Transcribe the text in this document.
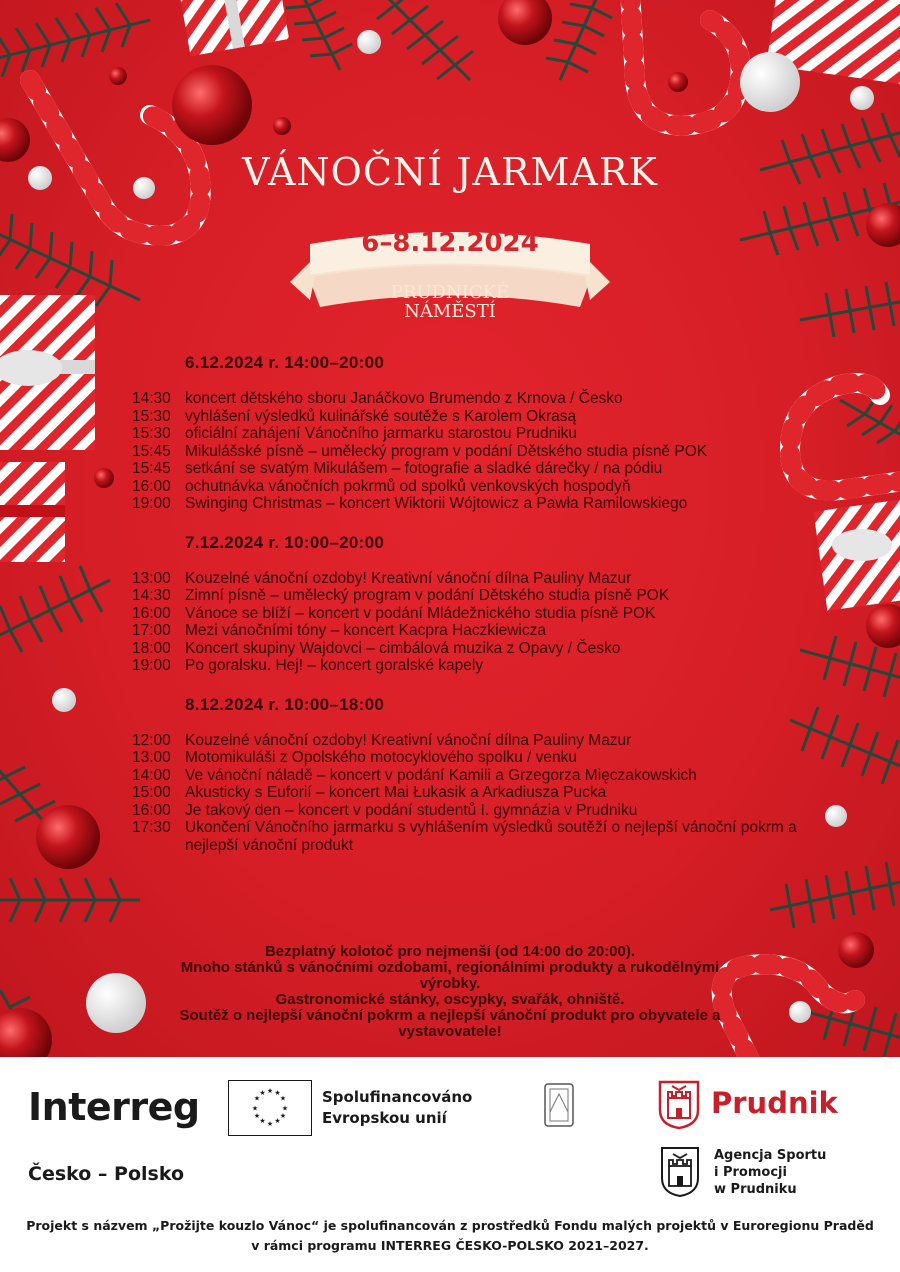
VÁNOČNÍ JARMARK
6–8.12.2024
PRUDNICKÉ
NÁMĚSTÍ
6.12.2024 r. 14:00–20:00
14:30 koncert dětského sboru Janáčkovo Brumendo z Krnova / Česko
15:30 vyhlášení výsledků kulinářské soutěže s Karolem Okrasą
15:30 oficiální zahájení Vánočního jarmarku starostou Prudniku
15:45 Mikulášské písně – umělecký program v podání Dětského studia písně POK
15:45 setkání se svatým Mikulášem – fotografie a sladké dárečky / na pódiu
16:00 ochutnávka vánočních pokrmů od spolků venkovských hospodyň
19:00 Swinging Christmas – koncert Wiktorii Wójtowicz a Pawła Ramilowskiego
7.12.2024 r. 10:00–20:00
13:00 Kouzelné vánoční ozdoby! Kreativní vánoční dílna Pauliny Mazur
14:30 Zimní písně – umělecký program v podání Dětského studia písně POK
16:00 Vánoce se blíží – koncert v podání Mládežnického studia písně POK
17:00 Mezi vánočními tóny – koncert Kacpra Haczkiewicza
18:00 Koncert skupiny Wajdovci – cimbálová muzika z Opavy / Česko
19:00 Po goralsku. Hej! – koncert goralské kapely
8.12.2024 r. 10:00–18:00
12:00 Kouzelné vánoční ozdoby! Kreativní vánoční dílna Pauliny Mazur
13:00 Motomikuláši z Opolského motocyklového spolku / venku
14:00 Ve vánoční náladě – koncert v podání Kamili a Grzegorza Mięczakowskich
15:00 Akusticky s Euforií – koncert Mai Łukasik a Arkadiusza Pucka
16:00 Je takový den – koncert v podání studentů I. gymnázia v Prudniku
17:30 Ukončení Vánočního jarmarku s vyhlášením výsledků soutěží o nejlepší vánoční pokrm a nejlepší vánoční produkt
Bezplatný kolotoč pro nejmenší (od 14:00 do 20:00).
Mnoho stánků s vánočními ozdobami, regionálními produkty a rukodělnými výrobky.
Gastronomické stánky, oscypky, svařák, ohniště.
Soutěž o nejlepší vánoční pokrm a nejlepší vánoční produkt pro obyvatele a vystavovatele!
Interreg
Česko – Polsko
★ ★
★
★
★
★
★
★
★
★
★
★	Spolufinancováno
Evropskou unií	Prudnik
Agencja Sportu
i Promocji
w Prudniku
Projekt s názvem „Prožijte kouzlo Vánoc“ je spolufinancován z prostředků Fondu malých projektů v Euroregionu Praděd
v rámci programu INTERREG ČESKO-POLSKO 2021–2027.
